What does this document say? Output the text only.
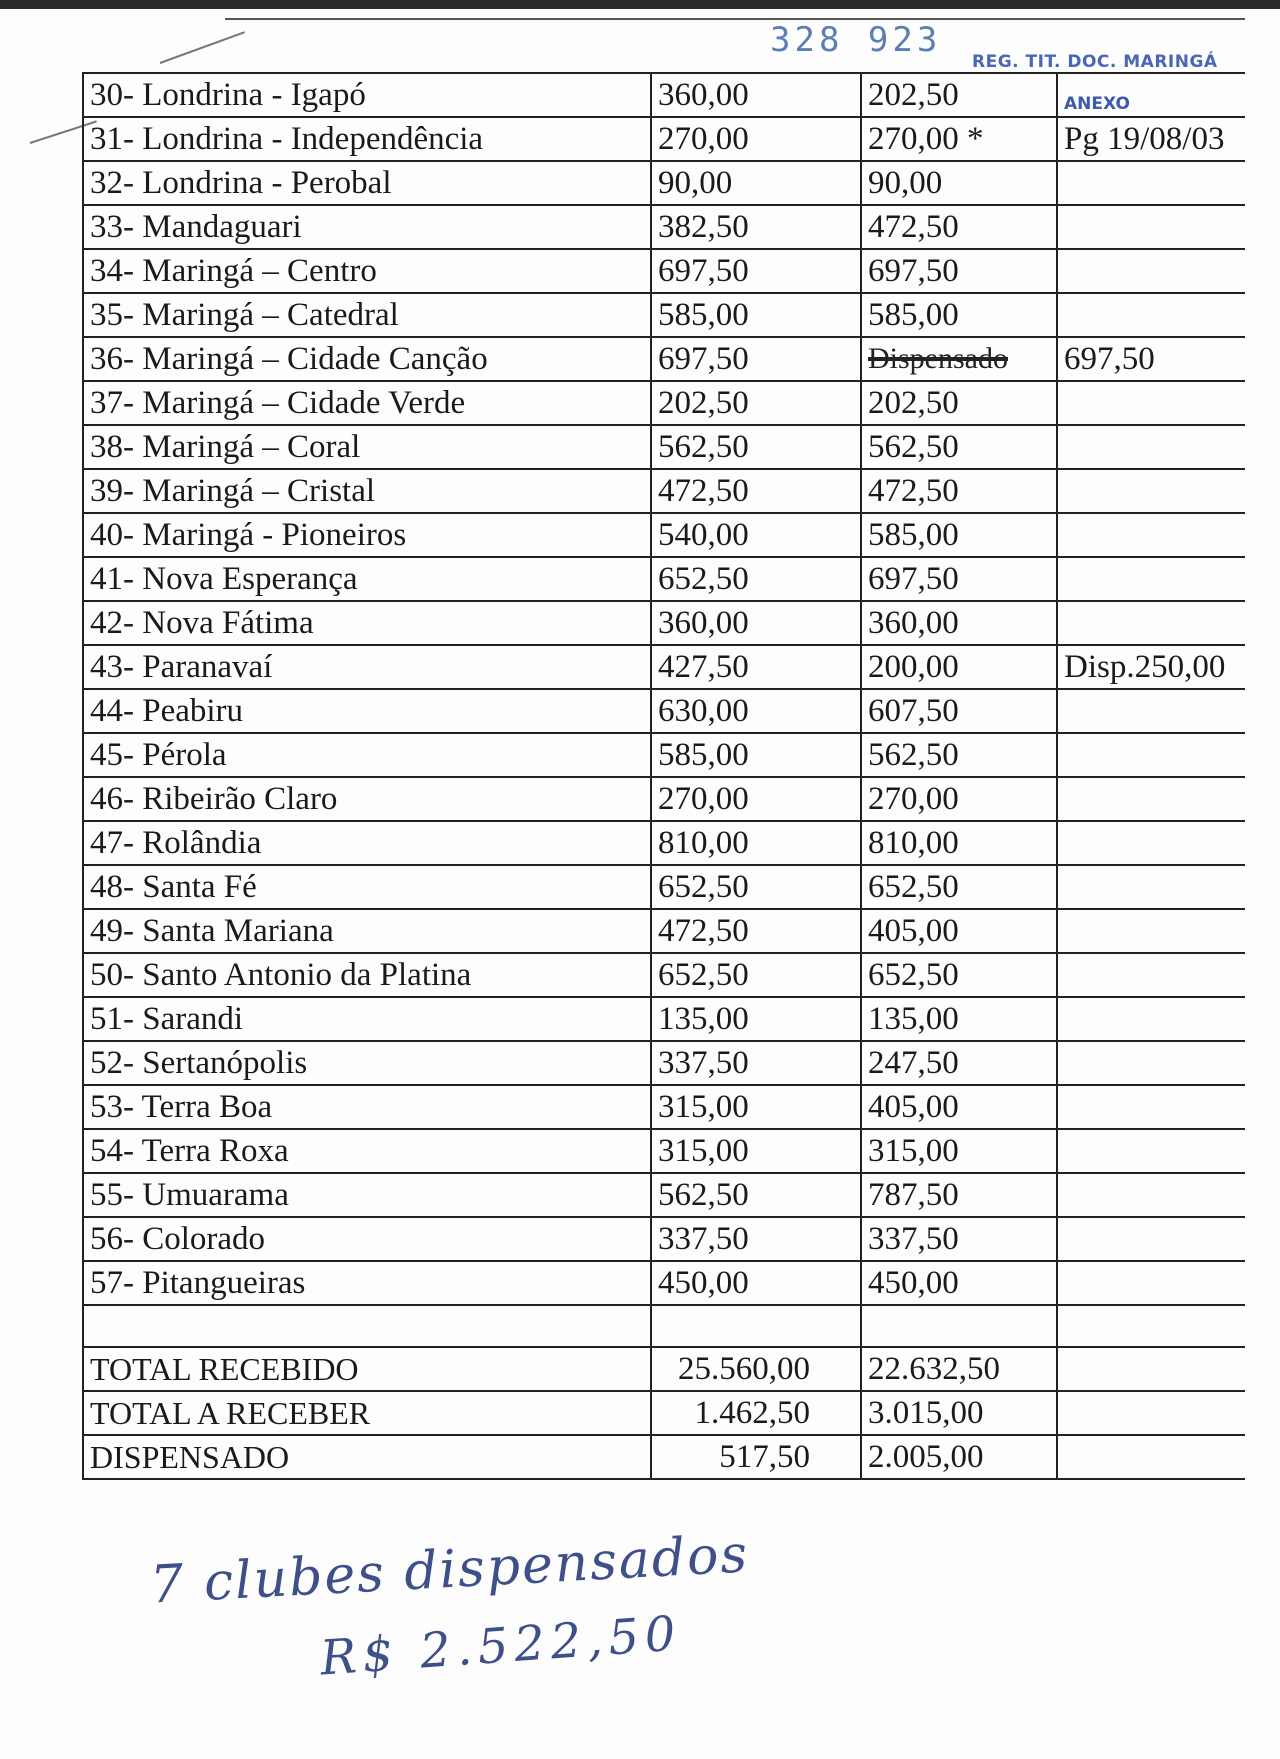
328 923
REG. TIT. DOC. MARINGÁ
30- Londrina - Igapó	360,00	202,50	ANEXO
31- Londrina - Independência	270,00	270,00 *	Pg 19/08/03
32- Londrina - Perobal	90,00	90,00	
33- Mandaguari	382,50	472,50	
34- Maringá – Centro	697,50	697,50	
35- Maringá – Catedral	585,00	585,00	
36- Maringá – Cidade Canção	697,50	Dispensado	697,50
37- Maringá – Cidade Verde	202,50	202,50	
38- Maringá – Coral	562,50	562,50	
39- Maringá – Cristal	472,50	472,50	
40- Maringá - Pioneiros	540,00	585,00	
41- Nova Esperança	652,50	697,50	
42- Nova Fátima	360,00	360,00	
43- Paranavaí	427,50	200,00	Disp.250,00
44- Peabiru	630,00	607,50	
45- Pérola	585,00	562,50	
46- Ribeirão Claro	270,00	270,00	
47- Rolândia	810,00	810,00	
48- Santa Fé	652,50	652,50	
49- Santa Mariana	472,50	405,00	
50- Santo Antonio da Platina	652,50	652,50	
51- Sarandi	135,00	135,00	
52- Sertanópolis	337,50	247,50	
53- Terra Boa	315,00	405,00	
54- Terra Roxa	315,00	315,00	
55- Umuarama	562,50	787,50	
56- Colorado	337,50	337,50	
57- Pitangueiras	450,00	450,00	

TOTAL RECEBIDO	25.560,00	22.632,50	
TOTAL A RECEBER	1.462,50	3.015,00	
DISPENSADO	517,50	2.005,00	
7 clubes dispensados
R$ 2.522,50
